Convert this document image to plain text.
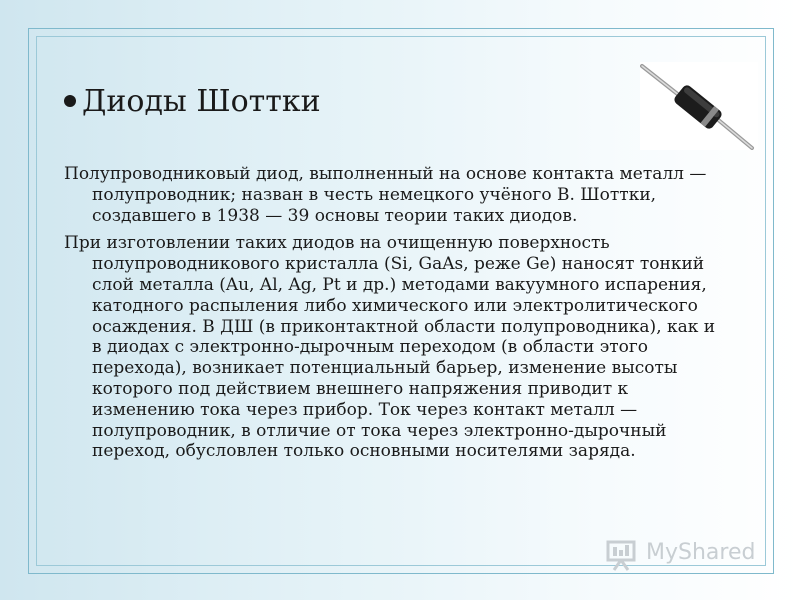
Диоды Шоттки

Полупроводниковый диод, выполненный на основе контакта металл — полупроводник; назван в честь немецкого учёного В. Шоттки, создавшего в 1938 — 39 основы теории таких диодов.

При изготовлении таких диодов на очищенную поверхность полупроводникового кристалла (Si, GaAs, реже Ge) наносят тонкий слой металла (Au, Al, Ag, Pt и др.) методами вакуумного испарения, катодного распыления либо химического или электролитического осаждения. В ДШ (в приконтактной области полупроводника), как и в диодах с электронно-дырочным переходом (в области этого перехода), возникает потенциальный барьер, изменение высоты которого под действием внешнего напряжения приводит к изменению тока через прибор. Ток через контакт металл — полупроводник, в отличие от тока через электронно-дырочный переход, обусловлен только основными носителями заряда.

MyShared
